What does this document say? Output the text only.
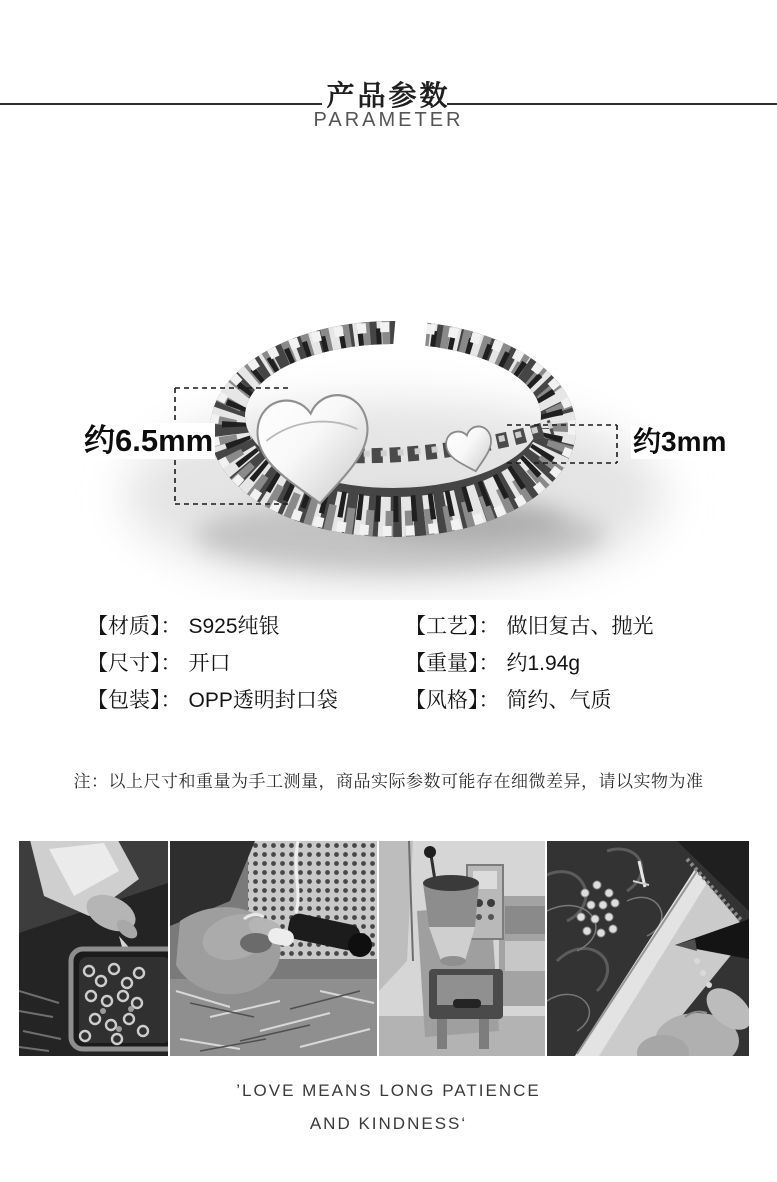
产品参数
PARAMETER
约6.5mm	约3mm
【材质】： S925纯银
【尺寸】： 开口
【包装】： OPP透明封口袋
【工艺】： 做旧复古、抛光
【重量】： 约1.94g
【风格】： 简约、气质
注：以上尺寸和重量为手工测量，商品实际参数可能存在细微差异，请以实物为准
’LOVE MEANS LONG PATIENCE
AND KINDNESS‘
